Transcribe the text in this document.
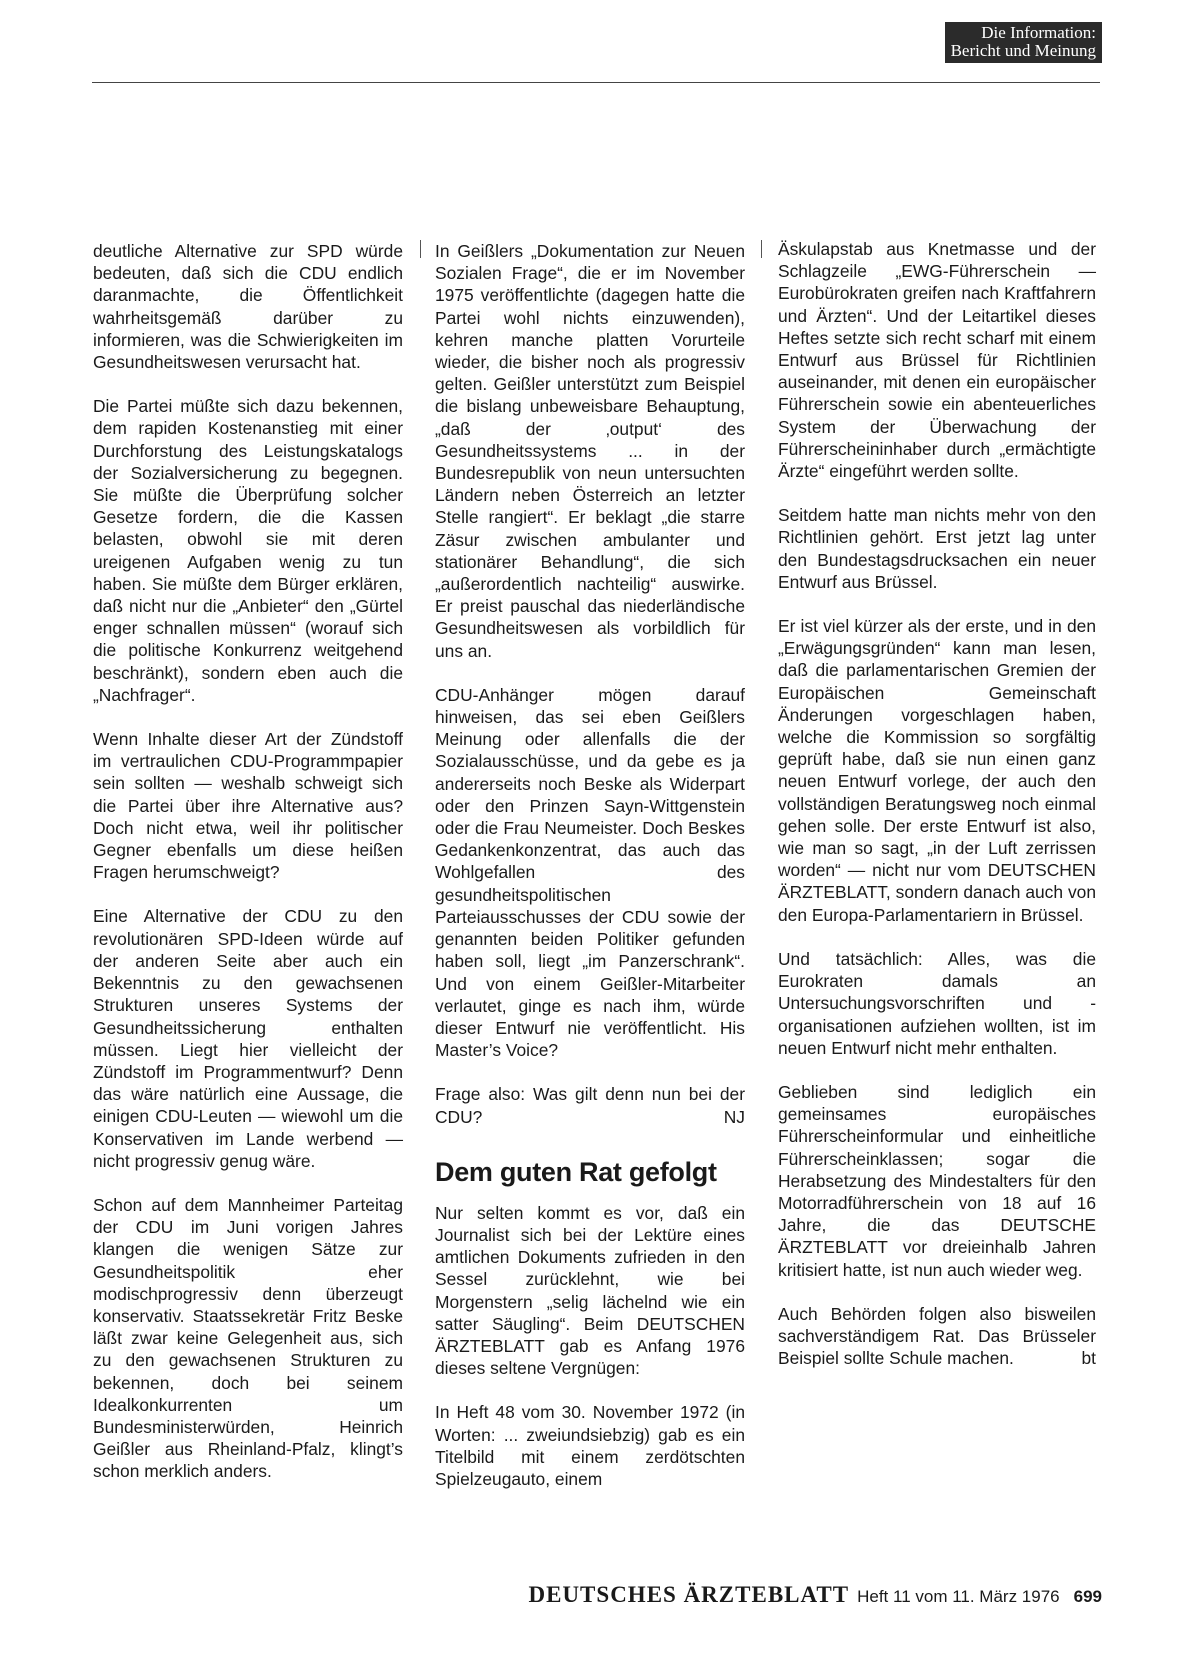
Die Information:
Bericht und Meinung

deutliche Alternative zur SPD würde bedeuten, daß sich die CDU endlich daranmachte, die Öffentlichkeit wahrheitsgemäß darüber zu informieren, was die Schwierigkeiten im Gesundheitswesen verursacht hat.

Die Partei müßte sich dazu bekennen, dem rapiden Kostenanstieg mit einer Durchforstung des Leistungskatalogs der Sozialversicherung zu begegnen. Sie müßte die Überprüfung solcher Gesetze fordern, die die Kassen belasten, obwohl sie mit deren ureigenen Aufgaben wenig zu tun haben. Sie müßte dem Bürger erklären, daß nicht nur die „Anbieter“ den „Gürtel enger schnallen müssen“ (worauf sich die politische Konkurrenz weitgehend beschränkt), sondern eben auch die „Nachfrager“.

Wenn Inhalte dieser Art der Zündstoff im vertraulichen CDU-Programmpapier sein sollten — weshalb schweigt sich die Partei über ihre Alternative aus? Doch nicht etwa, weil ihr politischer Gegner ebenfalls um diese heißen Fragen herumschweigt?

Eine Alternative der CDU zu den revolutionären SPD-Ideen würde auf der anderen Seite aber auch ein Bekenntnis zu den gewachsenen Strukturen unseres Systems der Gesundheitssicherung enthalten müssen. Liegt hier vielleicht der Zündstoff im Programmentwurf? Denn das wäre natürlich eine Aussage, die einigen CDU-Leuten — wiewohl um die Konservativen im Lande werbend — nicht progressiv genug wäre.

Schon auf dem Mannheimer Parteitag der CDU im Juni vorigen Jahres klangen die wenigen Sätze zur Gesundheitspolitik eher modischprogressiv denn überzeugt konservativ. Staatssekretär Fritz Beske läßt zwar keine Gelegenheit aus, sich zu den gewachsenen Strukturen zu bekennen, doch bei seinem Idealkonkurrenten um Bundesministerwürden, Heinrich Geißler aus Rheinland-Pfalz, klingt’s schon merklich anders.

In Geißlers „Dokumentation zur Neuen Sozialen Frage“, die er im November 1975 veröffentlichte (dagegen hatte die Partei wohl nichts einzuwenden), kehren manche platten Vorurteile wieder, die bisher noch als progressiv gelten. Geißler unterstützt zum Beispiel die bislang unbeweisbare Behauptung, „daß der ‚output‘ des Gesundheitssystems ... in der Bundesrepublik von neun untersuchten Ländern neben Österreich an letzter Stelle rangiert“. Er beklagt „die starre Zäsur zwischen ambulanter und stationärer Behandlung“, die sich „außerordentlich nachteilig“ auswirke. Er preist pauschal das niederländische Gesundheitswesen als vorbildlich für uns an.

CDU-Anhänger mögen darauf hinweisen, das sei eben Geißlers Meinung oder allenfalls die der Sozialausschüsse, und da gebe es ja andererseits noch Beske als Widerpart oder den Prinzen Sayn-Wittgenstein oder die Frau Neumeister. Doch Beskes Gedankenkonzentrat, das auch das Wohlgefallen des gesundheitspolitischen Parteiausschusses der CDU sowie der genannten beiden Politiker gefunden haben soll, liegt „im Panzerschrank“. Und von einem Geißler-Mitarbeiter verlautet, ginge es nach ihm, würde dieser Entwurf nie veröffentlicht. His Master’s Voice?

Frage also: Was gilt denn nun bei der CDU?	NJ

Dem guten Rat gefolgt

Nur selten kommt es vor, daß ein Journalist sich bei der Lektüre eines amtlichen Dokuments zufrieden in den Sessel zurücklehnt, wie bei Morgenstern „selig lächelnd wie ein satter Säugling“. Beim DEUTSCHEN ÄRZTEBLATT gab es Anfang 1976 dieses seltene Vergnügen:

In Heft 48 vom 30. November 1972 (in Worten: ... zweiundsiebzig) gab es ein Titelbild mit einem zerdötschten Spielzeugauto, einem

Äskulapstab aus Knetmasse und der Schlagzeile „EWG-Führerschein — Eurobürokraten greifen nach Kraftfahrern und Ärzten“. Und der Leitartikel dieses Heftes setzte sich recht scharf mit einem Entwurf aus Brüssel für Richtlinien auseinander, mit denen ein europäischer Führerschein sowie ein abenteuerliches System der Überwachung der Führerscheininhaber durch „ermächtigte Ärzte“ eingeführt werden sollte.

Seitdem hatte man nichts mehr von den Richtlinien gehört. Erst jetzt lag unter den Bundestagsdrucksachen ein neuer Entwurf aus Brüssel.

Er ist viel kürzer als der erste, und in den „Erwägungsgründen“ kann man lesen, daß die parlamentarischen Gremien der Europäischen Gemeinschaft Änderungen vorgeschlagen haben, welche die Kommission so sorgfältig geprüft habe, daß sie nun einen ganz neuen Entwurf vorlege, der auch den vollständigen Beratungsweg noch einmal gehen solle. Der erste Entwurf ist also, wie man so sagt, „in der Luft zerrissen worden“ — nicht nur vom DEUTSCHEN ÄRZTEBLATT, sondern danach auch von den Europa-Parlamentariern in Brüssel.

Und tatsächlich: Alles, was die Eurokraten damals an Untersuchungsvorschriften und -organisationen aufziehen wollten, ist im neuen Entwurf nicht mehr enthalten.

Geblieben sind lediglich ein gemeinsames europäisches Führerscheinformular und einheitliche Führerscheinklassen; sogar die Herabsetzung des Mindestalters für den Motorradführerschein von 18 auf 16 Jahre, die das DEUTSCHE ÄRZTEBLATT vor dreieinhalb Jahren kritisiert hatte, ist nun auch wieder weg.

Auch Behörden folgen also bisweilen sachverständigem Rat. Das Brüsseler Beispiel sollte Schule machen.	bt

DEUTSCHES ÄRZTEBLATT Heft 11 vom 11. März 1976 699
